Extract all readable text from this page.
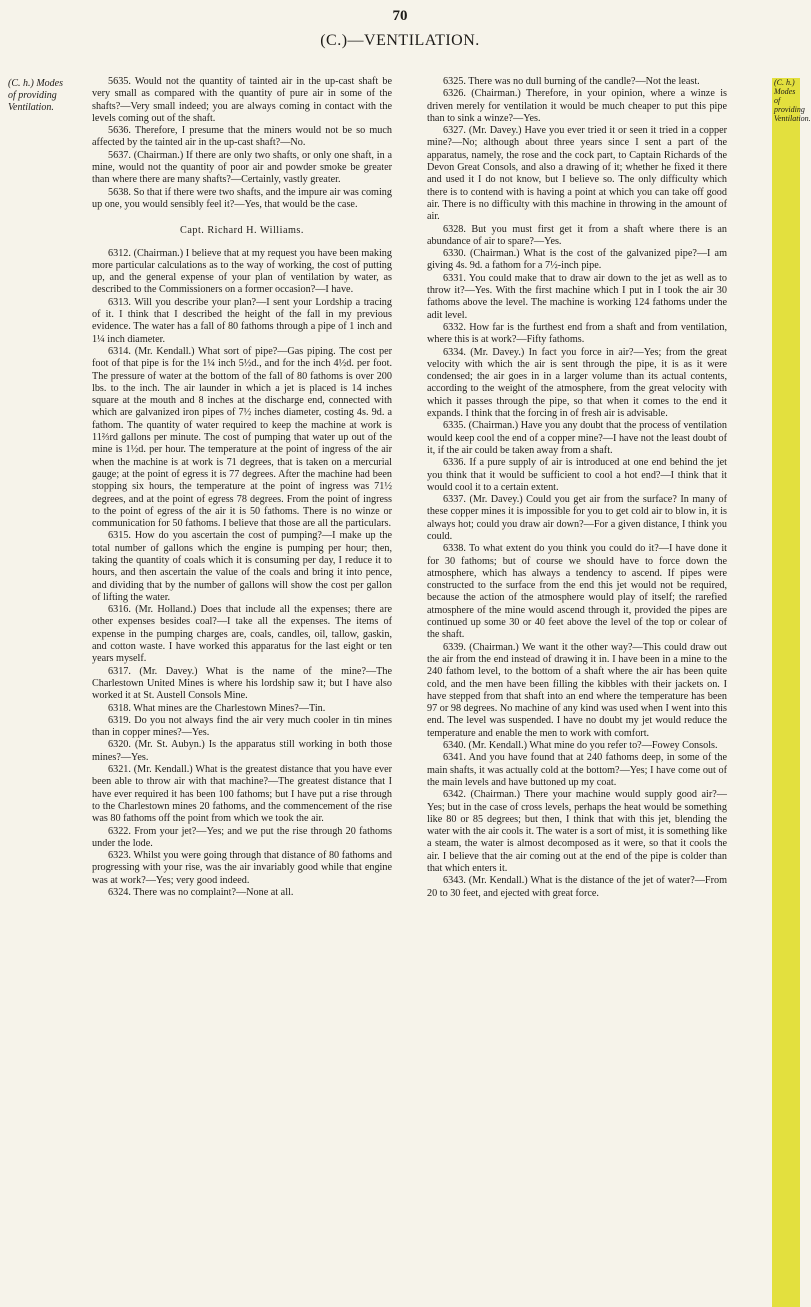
70
(C.)—VENTILATION.
(C. h.) Modes
of providing
Ventilation.
(C. h.) Modes
of providing
Ventilation.

5635. Would not the quantity of tainted air in the up-cast shaft be very small as compared with the quantity of pure air in some of the shafts?—Very small indeed; you are always coming in contact with the levels coming out of the shaft.

5636. Therefore, I presume that the miners would not be so much affected by the tainted air in the up-cast shaft?—No.

5637. (Chairman.) If there are only two shafts, or only one shaft, in a mine, would not the quantity of poor air and powder smoke be greater than where there are many shafts?—Certainly, vastly greater.

5638. So that if there were two shafts, and the impure air was coming up one, you would sensibly feel it?—Yes, that would be the case.

Capt. Richard H. Williams.

6312. (Chairman.) I believe that at my request you have been making more particular calculations as to the way of working, the cost of putting up, and the general expense of your plan of ventilation by water, as described to the Commissioners on a former occasion?—I have.

6313. Will you describe your plan?—I sent your Lordship a tracing of it. I think that I described the height of the fall in my previous evidence. The water has a fall of 80 fathoms through a pipe of 1 inch and 1¼ inch diameter.

6314. (Mr. Kendall.) What sort of pipe?—Gas piping. The cost per foot of that pipe is for the 1¼ inch 5½d., and for the inch 4½d. per foot. The pressure of water at the bottom of the fall of 80 fathoms is over 200 lbs. to the inch. The air launder in which a jet is placed is 14 inches square at the mouth and 8 inches at the discharge end, connected with which are galvanized iron pipes of 7½ inches diameter, costing 4s. 9d. a fathom. The quantity of water required to keep the machine at work is 11⅔rd gallons per minute. The cost of pumping that water up out of the mine is 1½d. per hour. The temperature at the point of ingress of the air when the machine is at work is 71 degrees, that is taken on a mercurial gauge; at the point of egress it is 77 degrees. After the machine had been stopping six hours, the temperature at the point of ingress was 71½ degrees, and at the point of egress 78 degrees. From the point of ingress to the point of egress of the air it is 50 fathoms. There is no winze or communication for 50 fathoms. I believe that those are all the particulars.

6315. How do you ascertain the cost of pumping?—I make up the total number of gallons which the engine is pumping per hour; then, taking the quantity of coals which it is consuming per day, I reduce it to hours, and then ascertain the value of the coals and bring it into pence, and dividing that by the number of gallons will show the cost per gallon of lifting the water.

6316. (Mr. Holland.) Does that include all the expenses; there are other expenses besides coal?—I take all the expenses. The items of expense in the pumping charges are, coals, candles, oil, tallow, gaskin, and cotton waste. I have worked this apparatus for the last eight or ten years myself.

6317. (Mr. Davey.) What is the name of the mine?—The Charlestown United Mines is where his lordship saw it; but I have also worked it at St. Austell Consols Mine.

6318. What mines are the Charlestown Mines?—Tin.

6319. Do you not always find the air very much cooler in tin mines than in copper mines?—Yes.

6320. (Mr. St. Aubyn.) Is the apparatus still working in both those mines?—Yes.

6321. (Mr. Kendall.) What is the greatest distance that you have ever been able to throw air with that machine?—The greatest distance that I have ever required it has been 100 fathoms; but I have put a rise through to the Charlestown mines 20 fathoms, and the commencement of the rise was 80 fathoms off the point from which we took the air.

6322. From your jet?—Yes; and we put the rise through 20 fathoms under the lode.

6323. Whilst you were going through that distance of 80 fathoms and progressing with your rise, was the air invariably good while that engine was at work?—Yes; very good indeed.

6324. There was no complaint?—None at all.

6325. There was no dull burning of the candle?—Not the least.

6326. (Chairman.) Therefore, in your opinion, where a winze is driven merely for ventilation it would be much cheaper to put this pipe than to sink a winze?—Yes.

6327. (Mr. Davey.) Have you ever tried it or seen it tried in a copper mine?—No; although about three years since I sent a part of the apparatus, namely, the rose and the cock part, to Captain Richards of the Devon Great Consols, and also a drawing of it; whether he fixed it there and used it I do not know, but I believe so. The only difficulty which there is to contend with is having a point at which you can take off good air. There is no difficulty with this machine in throwing in the amount of air.

6328. But you must first get it from a shaft where there is an abundance of air to spare?—Yes.

6330. (Chairman.) What is the cost of the galvanized pipe?—I am giving 4s. 9d. a fathom for a 7½-inch pipe.

6331. You could make that to draw air down to the jet as well as to throw it?—Yes. With the first machine which I put in I took the air 30 fathoms above the level. The machine is working 124 fathoms under the adit level.

6332. How far is the furthest end from a shaft and from ventilation, where this is at work?—Fifty fathoms.

6334. (Mr. Davey.) In fact you force in air?—Yes; from the great velocity with which the air is sent through the pipe, it is as it were condensed; the air goes in in a larger volume than its actual contents, according to the weight of the atmosphere, from the great velocity with which it passes through the pipe, so that when it comes to the end it expands. I think that the forcing in of fresh air is advisable.

6335. (Chairman.) Have you any doubt that the process of ventilation would keep cool the end of a copper mine?—I have not the least doubt of it, if the air could be taken away from a shaft.

6336. If a pure supply of air is introduced at one end behind the jet you think that it would be sufficient to cool a hot end?—I think that it would cool it to a certain extent.

6337. (Mr. Davey.) Could you get air from the surface? In many of these copper mines it is impossible for you to get cold air to blow in, it is always hot; could you draw air down?—For a given distance, I think you could.

6338. To what extent do you think you could do it?—I have done it for 30 fathoms; but of course we should have to force down the atmosphere, which has always a tendency to ascend. If pipes were constructed to the surface from the end this jet would not be required, because the action of the atmosphere would play of itself; the rarefied atmosphere of the mine would ascend through it, provided the pipes are continued up some 30 or 40 feet above the level of the top or colear of the shaft.

6339. (Chairman.) We want it the other way?—This could draw out the air from the end instead of drawing it in. I have been in a mine to the 240 fathom level, to the bottom of a shaft where the air has been quite cold, and the men have been filling the kibbles with their jackets on. I have stepped from that shaft into an end where the temperature has been 97 or 98 degrees. No machine of any kind was used when I went into this end. The level was suspended. I have no doubt my jet would reduce the temperature and enable the men to work with comfort.

6340. (Mr. Kendall.) What mine do you refer to?—Fowey Consols.

6341. And you have found that at 240 fathoms deep, in some of the main shafts, it was actually cold at the bottom?—Yes; I have come out of the main levels and have buttoned up my coat.

6342. (Chairman.) There your machine would supply good air?—Yes; but in the case of cross levels, perhaps the heat would be something like 80 or 85 degrees; but then, I think that with this jet, blending the water with the air cools it. The water is a sort of mist, it is something like a steam, the water is almost decomposed as it were, so that it cools the air. I believe that the air coming out at the end of the pipe is colder than that which enters it.

6343. (Mr. Kendall.) What is the distance of the jet of water?—From 20 to 30 feet, and ejected with great force.
